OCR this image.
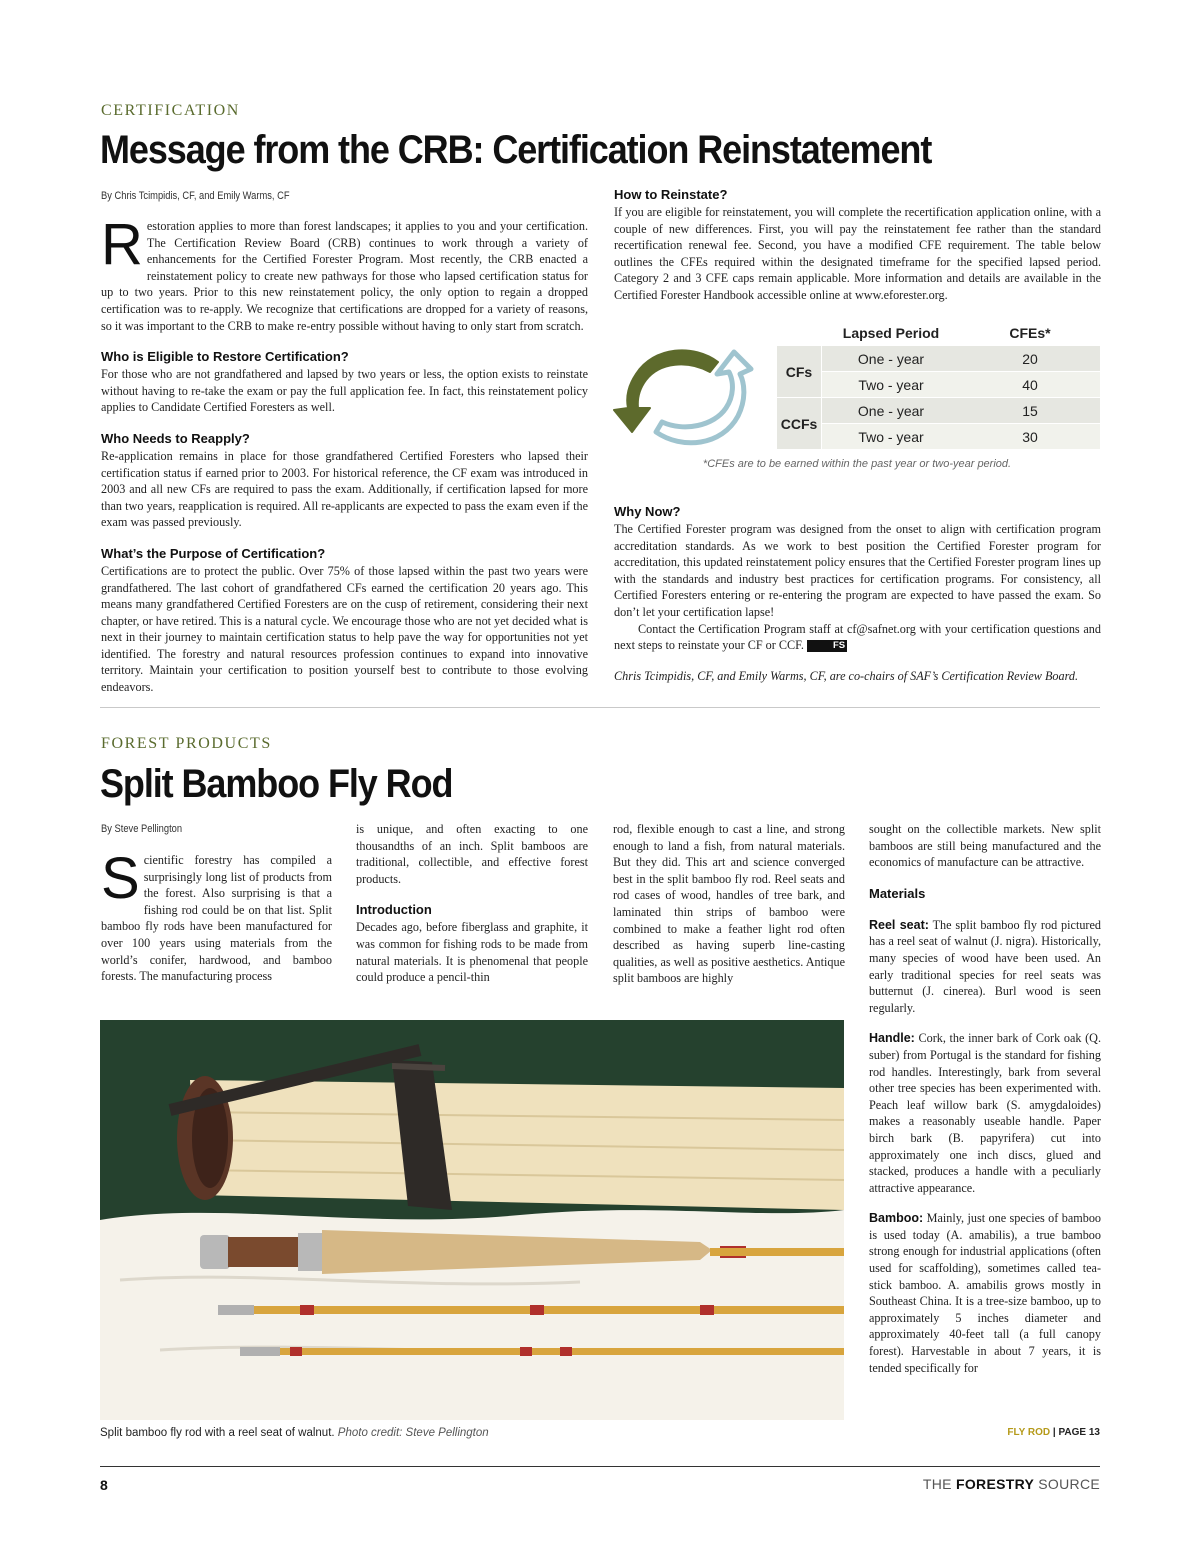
CERTIFICATION
Message from the CRB: Certification Reinstatement
By Chris Tcimpidis, CF, and Emily Warms, CF

Restoration applies to more than forest landscapes; it applies to you and your certification. The Certification Review Board (CRB) continues to work through a variety of enhancements for the Certified Forester Program. Most recently, the CRB enacted a reinstatement policy to create new pathways for those who lapsed certification status for up to two years. Prior to this new reinstatement policy, the only option to regain a dropped certification was to re-apply. We recognize that certifications are dropped for a variety of reasons, so it was important to the CRB to make re-entry possible without having to only start from scratch.

Who is Eligible to Restore Certification?

For those who are not grandfathered and lapsed by two years or less, the option exists to reinstate without having to re-take the exam or pay the full application fee. In fact, this reinstatement policy applies to Candidate Certified Foresters as well.

Who Needs to Reapply?

Re-application remains in place for those grandfathered Certified Foresters who lapsed their certification status if earned prior to 2003. For historical reference, the CF exam was introduced in 2003 and all new CFs are required to pass the exam. Additionally, if certification lapsed for more than two years, reapplication is required. All re-applicants are expected to pass the exam even if the exam was passed previously.

What’s the Purpose of Certification?

Certifications are to protect the public. Over 75% of those lapsed within the past two years were grandfathered. The last cohort of grandfathered CFs earned the certification 20 years ago. This means many grandfathered Certified Foresters are on the cusp of retirement, considering their next chapter, or have retired. This is a natural cycle. We encourage those who are not yet decided what is next in their journey to maintain certification status to help pave the way for opportunities not yet identified. The forestry and natural resources profession continues to expand into innovative territory. Maintain your certification to position yourself best to contribute to those evolving endeavors.

How to Reinstate?

If you are eligible for reinstatement, you will complete the recertification application online, with a couple of new differences. First, you will pay the reinstatement fee rather than the standard recertification renewal fee. Second, you have a modified CFE requirement. The table below outlines the CFEs required within the designated timeframe for the specified lapsed period. Category 2 and 3 CFE caps remain applicable. More information and details are available in the Certified Forester Handbook accessible online at www.eforester.org.

	Lapsed Period	CFEs*
CFs	One - year	20
	Two - year	40
CCFs	One - year	15
	Two - year	30
*CFEs are to be earned within the past year or two-year period.
Why Now?

The Certified Forester program was designed from the onset to align with certification program accreditation standards. As we work to best position the Certified Forester program for accreditation, this updated reinstatement policy ensures that the Certified Forester program lines up with the standards and industry best practices for certification programs. For consistency, all Certified Foresters entering or re-entering the program are expected to have passed the exam. So don’t let your certification lapse!

Contact the Certification Program staff at cf@safnet.org with your certification questions and next steps to reinstate your CF or CCF.	FS

Chris Tcimpidis, CF, and Emily Warms, CF, are co-chairs of SAF’s Certification Review Board.

FOREST PRODUCTS
Split Bamboo Fly Rod
By Steve Pellington

Scientific forestry has compiled a surprisingly long list of products from the forest. Also surprising is that a fishing rod could be on that list. Split bamboo fly rods have been manufactured for over 100 years using materials from the world’s conifer, hardwood, and bamboo forests. The manufacturing process

is unique, and often exacting to one thousandths of an inch. Split bamboos are traditional, collectible, and effective forest products.

Introduction

Decades ago, before fiberglass and graphite, it was common for fishing rods to be made from natural materials. It is phenomenal that people could produce a pencil-thin

rod, flexible enough to cast a line, and strong enough to land a fish, from natural materials. But they did. This art and science converged best in the split bamboo fly rod. Reel seats and rod cases of wood, handles of tree bark, and laminated thin strips of bamboo were combined to make a feather light rod often described as having superb line-casting qualities, as well as positive aesthetics. Antique split bamboos are highly

sought on the collectible markets. New split bamboos are still being manufactured and the economics of manufacture can be attractive.

Materials

Reel seat: The split bamboo fly rod pictured has a reel seat of walnut (J. nigra). Historically, many species of wood have been used. An early traditional species for reel seats was butternut (J. cinerea). Burl wood is seen regularly.

Handle: Cork, the inner bark of Cork oak (Q. suber) from Portugal is the standard for fishing rod handles. Interestingly, bark from several other tree species has been experimented with. Peach leaf willow bark (S. amygdaloides) makes a reasonably useable handle. Paper birch bark (B. papyrifera) cut into approximately one inch discs, glued and stacked, produces a handle with a peculiarly attractive appearance.

Bamboo: Mainly, just one species of bamboo is used today (A. amabilis), a true bamboo strong enough for industrial applications (often used for scaffolding), sometimes called tea-stick bamboo. A. amabilis grows mostly in Southeast China. It is a tree-size bamboo, up to approximately 5 inches diameter and approximately 40-feet tall (a full canopy forest). Harvestable in about 7 years, it is tended specifically for

Split bamboo fly rod with a reel seat of walnut. Photo credit: Steve Pellington	FLY ROD | PAGE 13
8	THE FORESTRY SOURCE
